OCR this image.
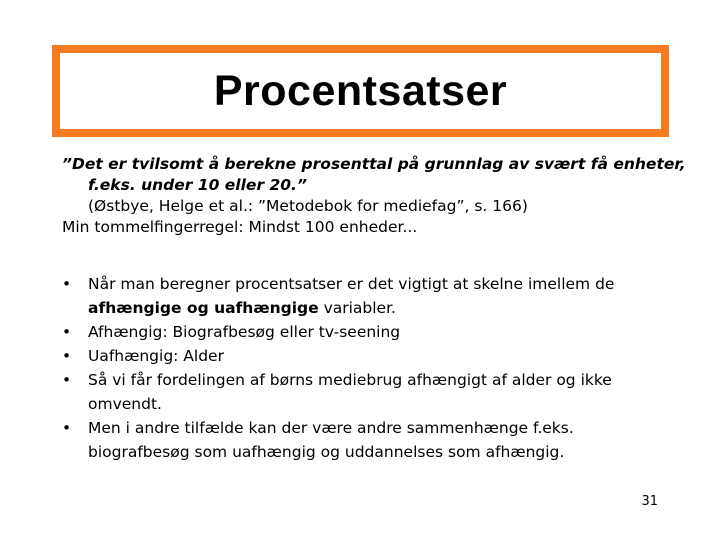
Procentsatser
”Det er tvilsomt å berekne prosenttal på grunnlag av svært få enheter, f.eks. under 10 eller 20.”
(Østbye, Helge et al.: ”Metodebok for mediefag”, s. 166)
Min tommelfingerregel: Mindst 100 enheder...
•
Når man beregner procentsatser er det vigtigt at skelne imellem de afhængige og uafhængige variabler.
•
Afhængig: Biografbesøg eller tv-seening
•
Uafhængig: Alder
•
Så vi får fordelingen af børns mediebrug afhængigt af alder og ikke omvendt.
•
Men i andre tilfælde kan der være andre sammenhænge f.eks. biografbesøg som uafhængig og uddannelses som afhængig.
31
